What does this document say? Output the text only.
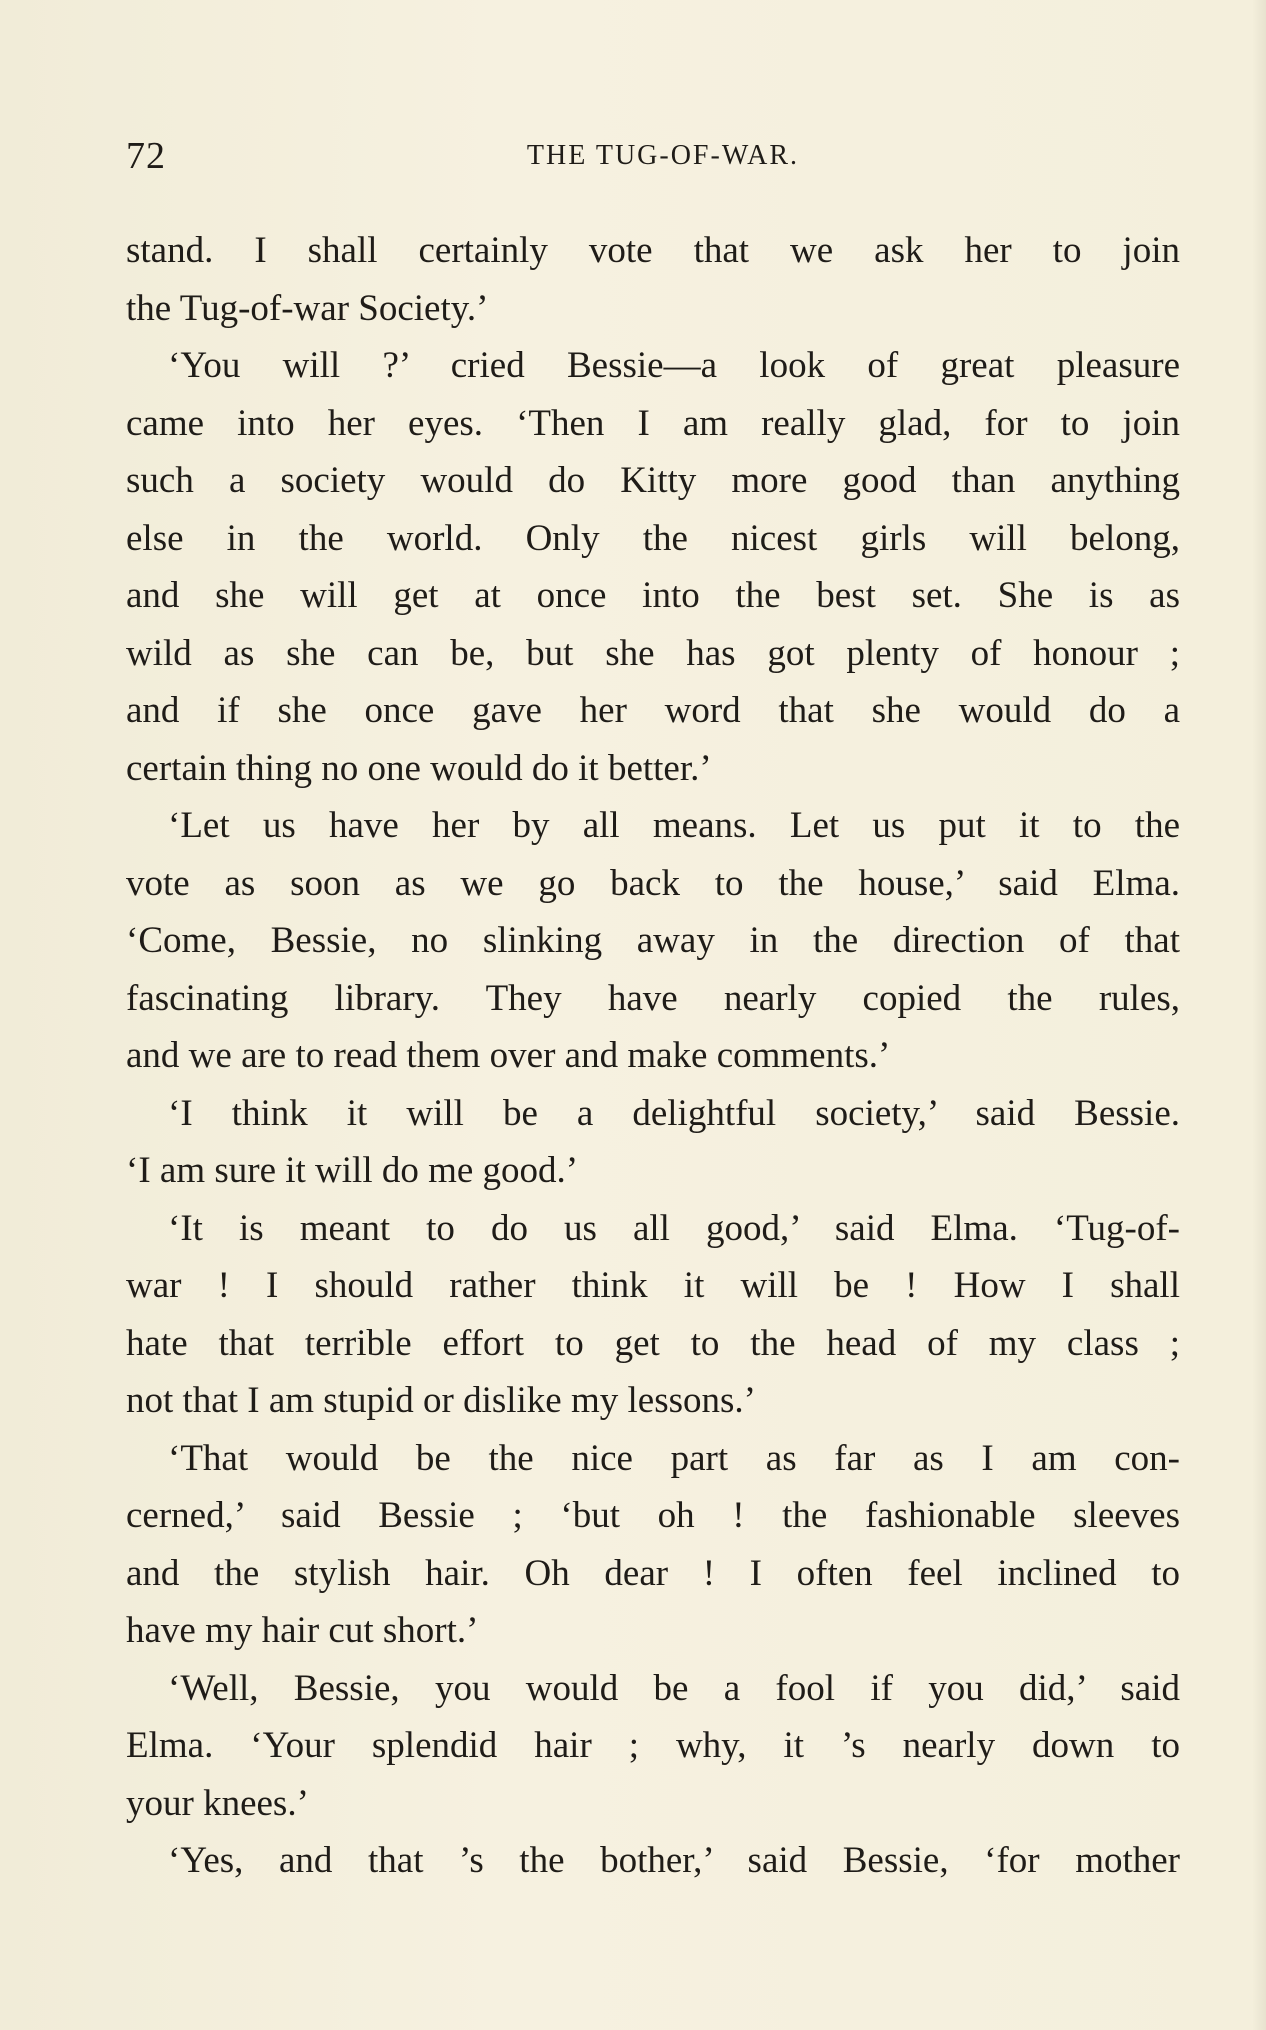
72	THE TUG-OF-WAR.
stand. I shall certainly vote that we ask her to join
the Tug-of-war Society.’
‘You will ?’ cried Bessie—a look of great pleasure
came into her eyes. ‘Then I am really glad, for to join
such a society would do Kitty more good than anything
else in the world. Only the nicest girls will belong,
and she will get at once into the best set. She is as
wild as she can be, but she has got plenty of honour ;
and if she once gave her word that she would do a
certain thing no one would do it better.’
‘Let us have her by all means. Let us put it to the
vote as soon as we go back to the house,’ said Elma.
‘Come, Bessie, no slinking away in the direction of that
fascinating library. They have nearly copied the rules,
and we are to read them over and make comments.’
‘I think it will be a delightful society,’ said Bessie.
‘I am sure it will do me good.’
‘It is meant to do us all good,’ said Elma. ‘Tug-of-
war ! I should rather think it will be ! How I shall
hate that terrible effort to get to the head of my class ;
not that I am stupid or dislike my lessons.’
‘That would be the nice part as far as I am con-
cerned,’ said Bessie ; ‘but oh ! the fashionable sleeves
and the stylish hair. Oh dear ! I often feel inclined to
have my hair cut short.’
‘Well, Bessie, you would be a fool if you did,’ said
Elma. ‘Your splendid hair ; why, it ’s nearly down to
your knees.’
‘Yes, and that ’s the bother,’ said Bessie, ‘for mother
